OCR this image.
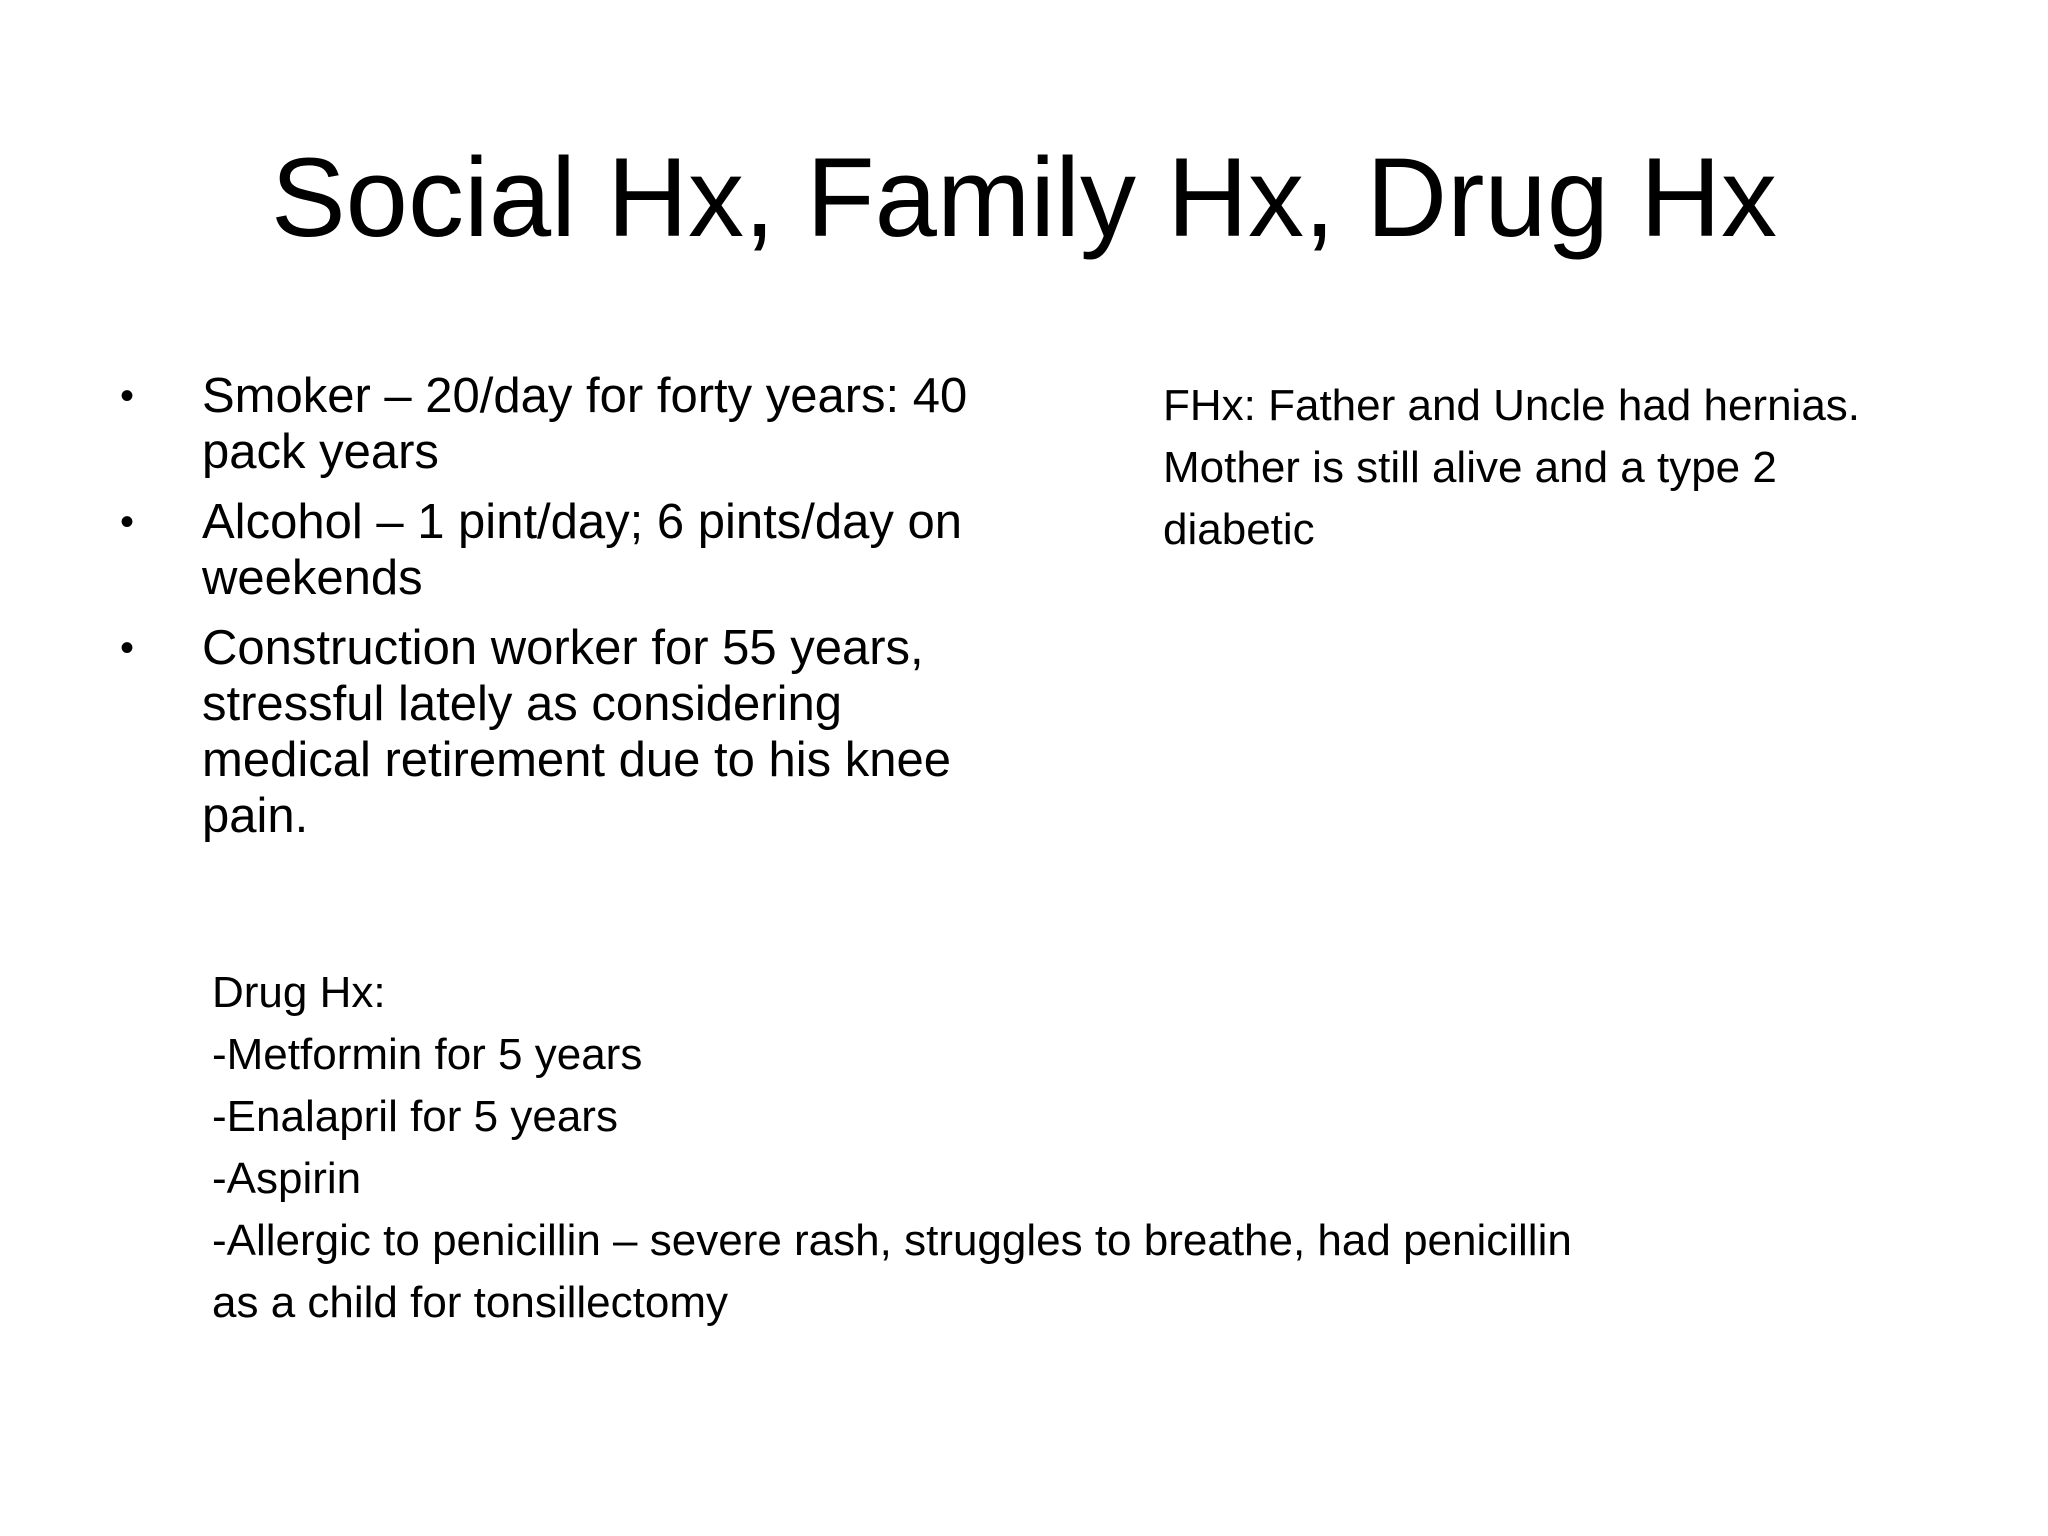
Social Hx, Family Hx, Drug Hx
•	Smoker – 20/day for forty years: 40 pack years
•	Alcohol – 1 pint/day; 6 pints/day on weekends
•	Construction worker for 55 years, stressful lately as considering medical retirement due to his knee pain.

FHx: Father and Uncle had hernias.

Mother is still alive and a type 2 diabetic

Drug Hx:

-Metformin for 5 years

-Enalapril for 5 years

-Aspirin

-Allergic to penicillin – severe rash, struggles to breathe, had penicillin as a child for tonsillectomy
